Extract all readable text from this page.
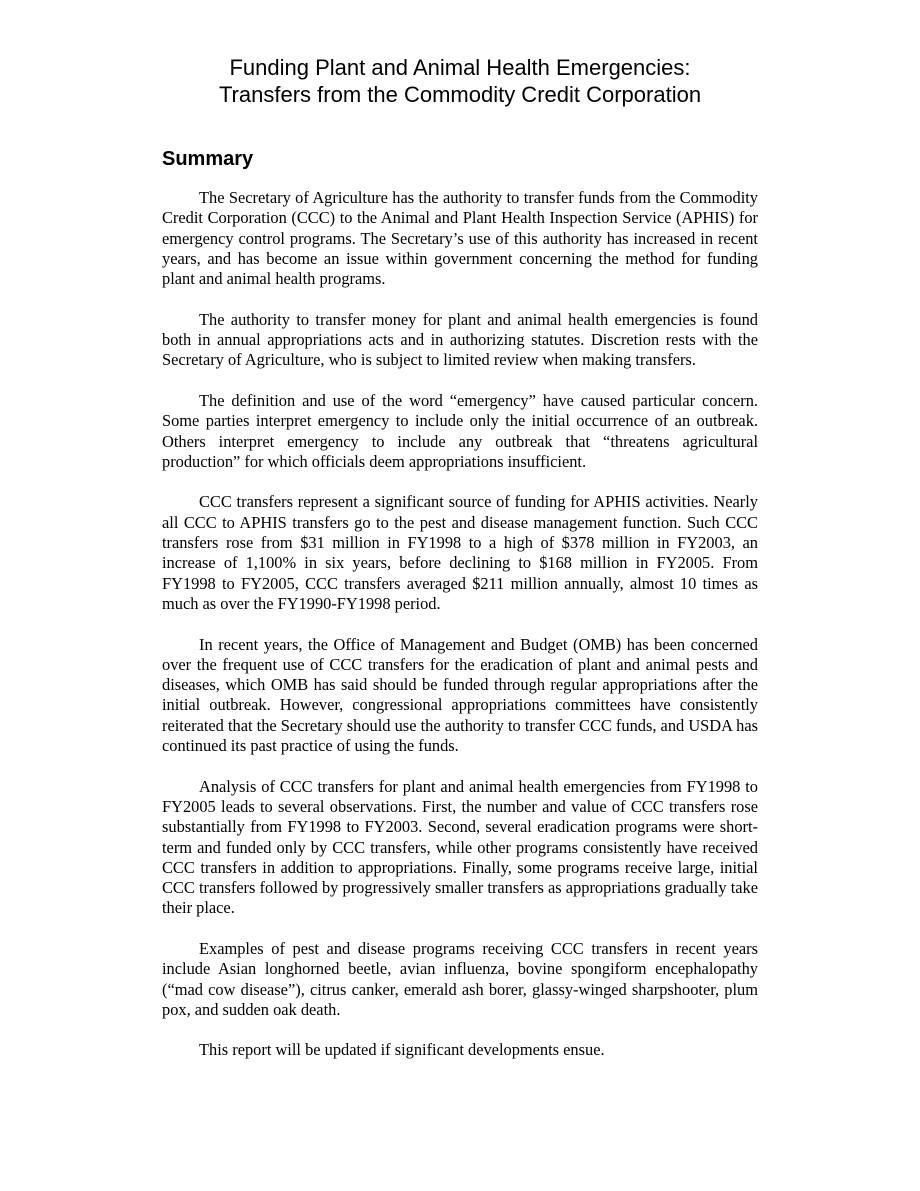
Funding Plant and Animal Health Emergencies:
Transfers from the Commodity Credit Corporation
Summary

The Secretary of Agriculture has the authority to transfer funds from the Commodity Credit Corporation (CCC) to the Animal and Plant Health Inspection Service (APHIS) for emergency control programs. The Secretary’s use of this authority has increased in recent years, and has become an issue within government concerning the method for funding plant and animal health programs.

The authority to transfer money for plant and animal health emergencies is found both in annual appropriations acts and in authorizing statutes. Discretion rests with the Secretary of Agriculture, who is subject to limited review when making transfers.

The definition and use of the word “emergency” have caused particular concern. Some parties interpret emergency to include only the initial occurrence of an outbreak. Others interpret emergency to include any outbreak that “threatens agricultural production” for which officials deem appropriations insufficient.

CCC transfers represent a significant source of funding for APHIS activities. Nearly all CCC to APHIS transfers go to the pest and disease management function. Such CCC transfers rose from $31 million in FY1998 to a high of $378 million in FY2003, an increase of 1,100% in six years, before declining to $168 million in FY2005. From FY1998 to FY2005, CCC transfers averaged $211 million annually, almost 10 times as much as over the FY1990-FY1998 period.

In recent years, the Office of Management and Budget (OMB) has been concerned over the frequent use of CCC transfers for the eradication of plant and animal pests and diseases, which OMB has said should be funded through regular appropriations after the initial outbreak. However, congressional appropriations committees have consistently reiterated that the Secretary should use the authority to transfer CCC funds, and USDA has continued its past practice of using the funds.

Analysis of CCC transfers for plant and animal health emergencies from FY1998 to FY2005 leads to several observations. First, the number and value of CCC transfers rose substantially from FY1998 to FY2003. Second, several eradication programs were short-term and funded only by CCC transfers, while other programs consistently have received CCC transfers in addition to appropriations. Finally, some programs receive large, initial CCC transfers followed by progressively smaller transfers as appropriations gradually take their place.

Examples of pest and disease programs receiving CCC transfers in recent years include Asian longhorned beetle, avian influenza, bovine spongiform encephalopathy (“mad cow disease”), citrus canker, emerald ash borer, glassy-winged sharpshooter, plum pox, and sudden oak death.

This report will be updated if significant developments ensue.
